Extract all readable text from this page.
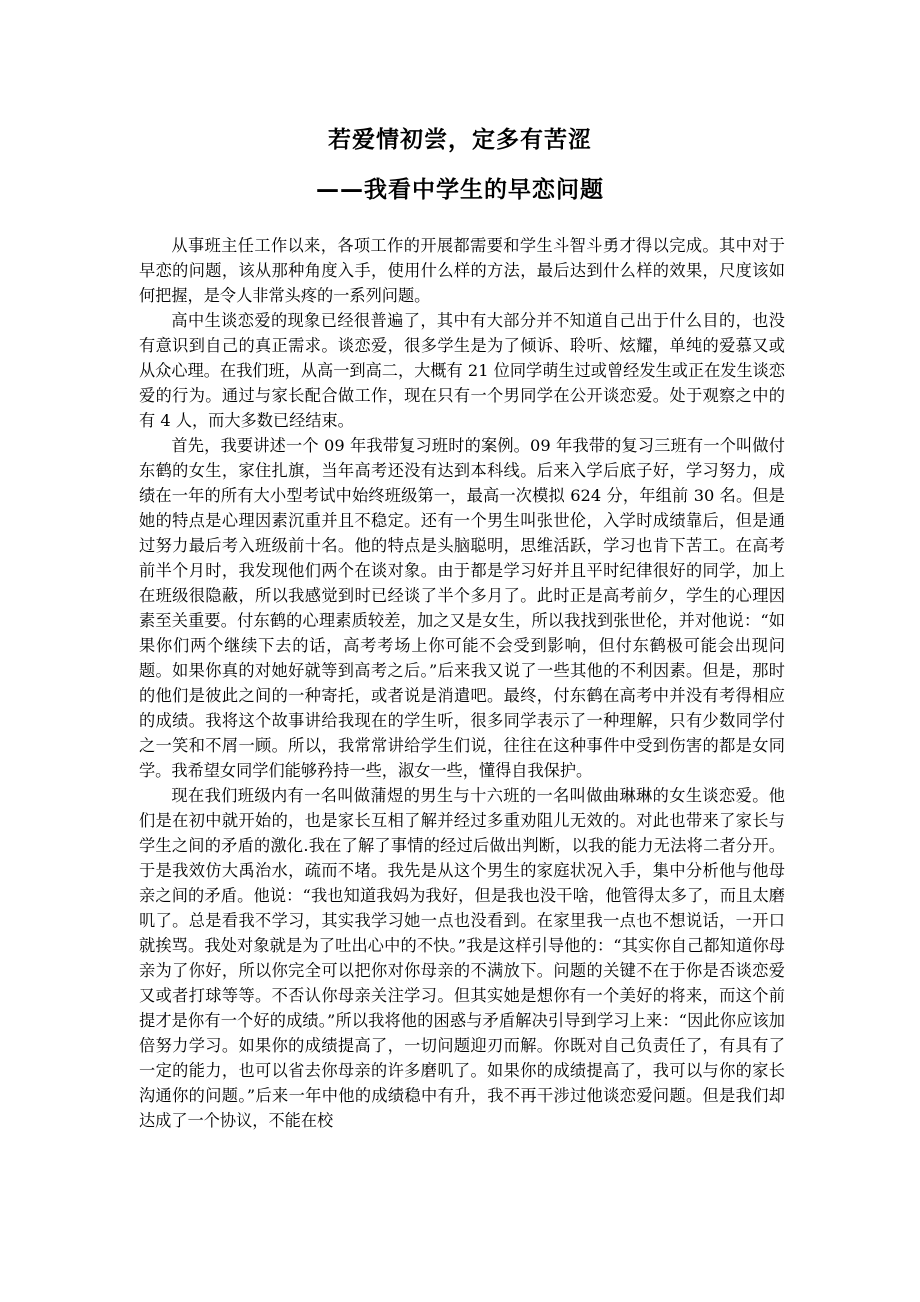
若爱情初尝，定多有苦涩
——我看中学生的早恋问题

从事班主任工作以来，各项工作的开展都需要和学生斗智斗勇才得以完成。其中对于早恋的问题，该从那种角度入手，使用什么样的方法，最后达到什么样的效果，尺度该如何把握，是令人非常头疼的一系列问题。

高中生谈恋爱的现象已经很普遍了，其中有大部分并不知道自己出于什么目的，也没有意识到自己的真正需求。谈恋爱，很多学生是为了倾诉、聆听、炫耀，单纯的爱慕又或从众心理。在我们班，从高一到高二，大概有 21 位同学萌生过或曾经发生或正在发生谈恋爱的行为。通过与家长配合做工作，现在只有一个男同学在公开谈恋爱。处于观察之中的有 4 人，而大多数已经结束。

首先，我要讲述一个 09 年我带复习班时的案例。09 年我带的复习三班有一个叫做付东鹤的女生，家住扎旗，当年高考还没有达到本科线。后来入学后底子好，学习努力，成绩在一年的所有大小型考试中始终班级第一，最高一次模拟 624 分，年组前 30 名。但是她的特点是心理因素沉重并且不稳定。还有一个男生叫张世伦，入学时成绩靠后，但是通过努力最后考入班级前十名。他的特点是头脑聪明，思维活跃，学习也肯下苦工。在高考前半个月时，我发现他们两个在谈对象。由于都是学习好并且平时纪律很好的同学，加上在班级很隐蔽，所以我感觉到时已经谈了半个多月了。此时正是高考前夕，学生的心理因素至关重要。付东鹤的心理素质较差，加之又是女生，所以我找到张世伦，并对他说：“如果你们两个继续下去的话，高考考场上你可能不会受到影响，但付东鹤极可能会出现问题。如果你真的对她好就等到高考之后。”后来我又说了一些其他的不利因素。但是，那时的他们是彼此之间的一种寄托，或者说是消遣吧。最终，付东鹤在高考中并没有考得相应的成绩。我将这个故事讲给我现在的学生听，很多同学表示了一种理解，只有少数同学付之一笑和不屑一顾。所以，我常常讲给学生们说，往往在这种事件中受到伤害的都是女同学。我希望女同学们能够矜持一些，淑女一些，懂得自我保护。

现在我们班级内有一名叫做蒲煜的男生与十六班的一名叫做曲琳琳的女生谈恋爱。他们是在初中就开始的，也是家长互相了解并经过多重劝阻儿无效的。对此也带来了家长与学生之间的矛盾的激化.我在了解了事情的经过后做出判断，以我的能力无法将二者分开。于是我效仿大禹治水，疏而不堵。我先是从这个男生的家庭状况入手，集中分析他与他母亲之间的矛盾。他说：“我也知道我妈为我好，但是我也没干啥，他管得太多了，而且太磨叽了。总是看我不学习，其实我学习她一点也没看到。在家里我一点也不想说话，一开口就挨骂。我处对象就是为了吐出心中的不快。”我是这样引导他的：“其实你自己都知道你母亲为了你好，所以你完全可以把你对你母亲的不满放下。问题的关键不在于你是否谈恋爱又或者打球等等。不否认你母亲关注学习。但其实她是想你有一个美好的将来，而这个前提才是你有一个好的成绩。”所以我将他的困惑与矛盾解决引导到学习上来：“因此你应该加倍努力学习。如果你的成绩提高了，一切问题迎刃而解。你既对自己负责任了，有具有了一定的能力，也可以省去你母亲的许多磨叽了。如果你的成绩提高了，我可以与你的家长沟通你的问题。”后来一年中他的成绩稳中有升，我不再干涉过他谈恋爱问题。但是我们却达成了一个协议，不能在校
